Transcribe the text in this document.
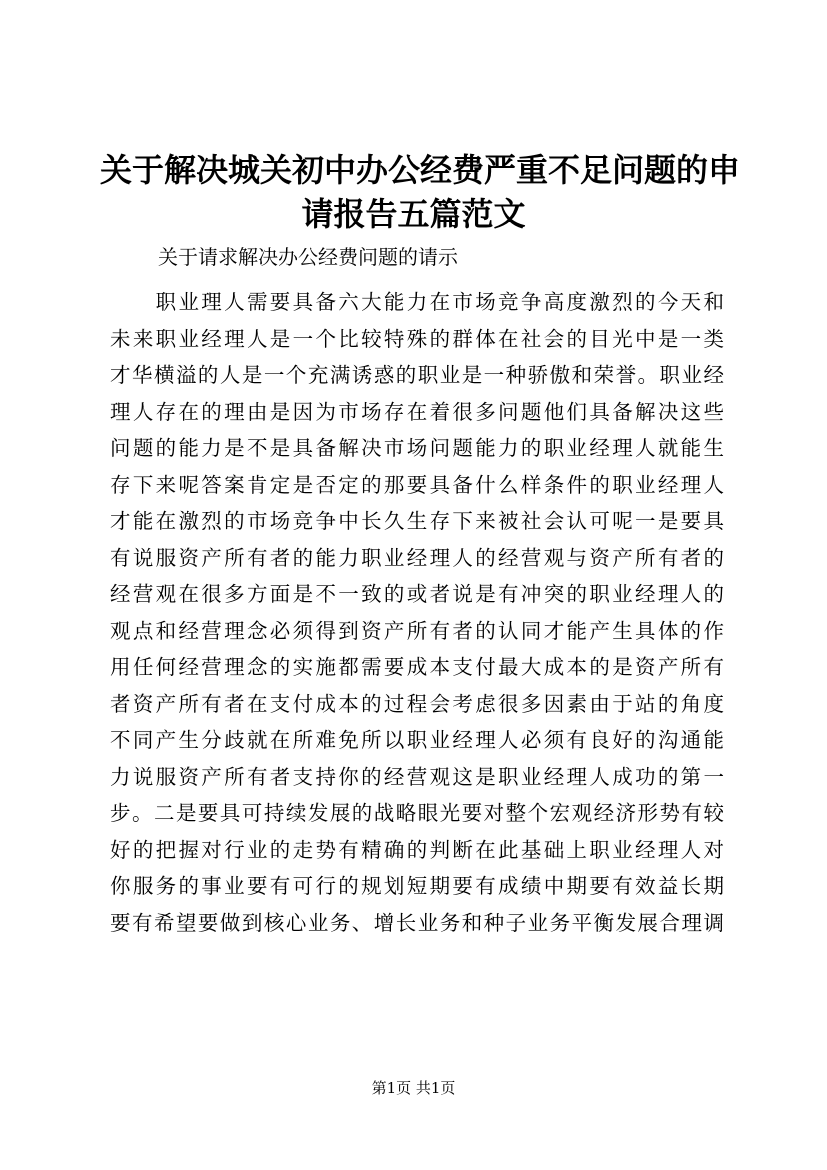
关于解决城关初中办公经费严重不足问题的申
请报告五篇范文
关于请求解决办公经费问题的请示
　　职业理人需要具备六大能力在市场竞争高度激烈的今天和
未来职业经理人是一个比较特殊的群体在社会的目光中是一类
才华横溢的人是一个充满诱惑的职业是一种骄傲和荣誉。职业经
理人存在的理由是因为市场存在着很多问题他们具备解决这些
问题的能力是不是具备解决市场问题能力的职业经理人就能生
存下来呢答案肯定是否定的那要具备什么样条件的职业经理人
才能在激烈的市场竞争中长久生存下来被社会认可呢一是要具
有说服资产所有者的能力职业经理人的经营观与资产所有者的
经营观在很多方面是不一致的或者说是有冲突的职业经理人的
观点和经营理念必须得到资产所有者的认同才能产生具体的作
用任何经营理念的实施都需要成本支付最大成本的是资产所有
者资产所有者在支付成本的过程会考虑很多因素由于站的角度
不同产生分歧就在所难免所以职业经理人必须有良好的沟通能
力说服资产所有者支持你的经营观这是职业经理人成功的第一
步。二是要具可持续发展的战略眼光要对整个宏观经济形势有较
好的把握对行业的走势有精确的判断在此基础上职业经理人对
你服务的事业要有可行的规划短期要有成绩中期要有效益长期
要有希望要做到核心业务、增长业务和种子业务平衡发展合理调
第1页 共1页
